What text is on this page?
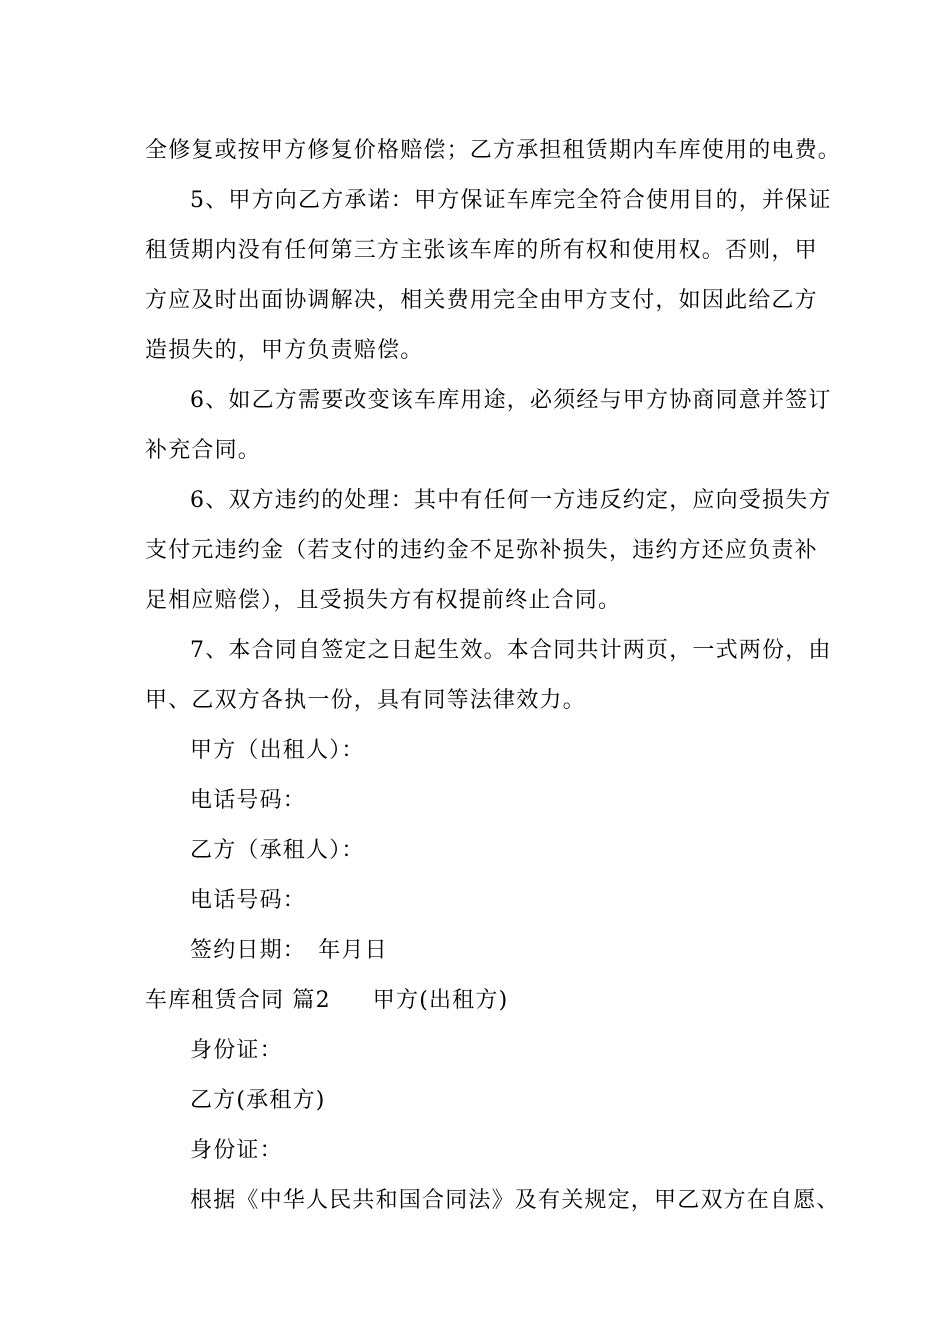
全修复或按甲方修复价格赔偿；乙方承担租赁期内车库使用的电费。
5、甲方向乙方承诺：甲方保证车库完全符合使用目的，并保证
租赁期内没有任何第三方主张该车库的所有权和使用权。否则，甲
方应及时出面协调解决，相关费用完全由甲方支付，如因此给乙方
造损失的，甲方负责赔偿。
6、如乙方需要改变该车库用途，必须经与甲方协商同意并签订
补充合同。
6、双方违约的处理：其中有任何一方违反约定，应向受损失方
支付元违约金（若支付的违约金不足弥补损失，违约方还应负责补
足相应赔偿），且受损失方有权提前终止合同。
7、本合同自签定之日起生效。本合同共计两页，一式两份，由
甲、乙双方各执一份，具有同等法律效力。
甲方（出租人）：
电话号码：
乙方（承租人）：
电话号码：
签约日期：　年月日
车库租赁合同 篇2 甲方(出租方)
身份证：
乙方(承租方)
身份证：
根据《中华人民共和国合同法》及有关规定，甲乙双方在自愿、
